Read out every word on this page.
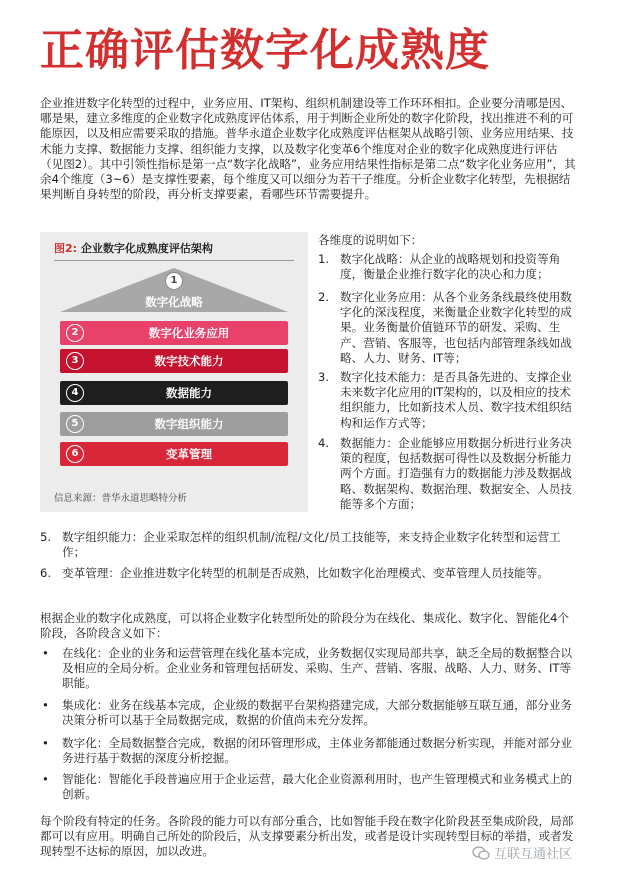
正确评估数字化成熟度
企业推进数字化转型的过程中，业务应用、IT架构、组织机制建设等工作环环相扣。企业要分清哪是因、哪是果，建立多维度的企业数字化成熟度评估体系，用于判断企业所处的数字化阶段，找出推进不利的可能原因，以及相应需要采取的措施。普华永道企业数字化成熟度评估框架从战略引领、业务应用结果、技术能力支撑、数据能力支撑、组织能力支撑，以及数字化变革6个维度对企业的数字化成熟度进行评估（见图2）。其中引领性指标是第一点“数字化战略”，业务应用结果性指标是第二点“数字化业务应用”，其余4个维度（3~6）是支撑性要素，每个维度又可以细分为若干子维度。分析企业数字化转型，先根据结果判断自身转型的阶段，再分析支撑要素，看哪些环节需要提升。
图2: 企业数字化成熟度评估架构
1
数字化战略
2	数字化业务应用
3	数字技术能力
4	数据能力
5	数字组织能力
6	变革管理
信息来源：普华永道思略特分析
各维度的说明如下：
1. 数字化战略：从企业的战略规划和投资等角度，衡量企业推行数字化的决心和力度；
2. 数字化业务应用：从各个业务条线最终使用数字化的深浅程度，来衡量企业数字化转型的成果。业务衡量价值链环节的研发、采购、生产、营销、客服等，也包括内部管理条线如战略、人力、财务、IT等；
3. 数字化技术能力：是否具备先进的、支撑企业未来数字化应用的IT架构的，以及相应的技术组织能力，比如新技术人员、数字技术组织结构和运作方式等；
4. 数据能力：企业能够应用数据分析进行业务决策的程度，包括数据可得性以及数据分析能力两个方面。打造强有力的数据能力涉及数据战略、数据架构、数据治理、数据安全、人员技能等多个方面；
5. 数字组织能力：企业采取怎样的组织机制/流程/文化/员工技能等，来支持企业数字化转型和运营工作；
6. 变革管理：企业推进数字化转型的机制是否成熟，比如数字化治理模式、变革管理人员技能等。
根据企业的数字化成熟度，可以将企业数字化转型所处的阶段分为在线化、集成化、数字化、智能化4个阶段，各阶段含义如下：
•	在线化：企业的业务和运营管理在线化基本完成，业务数据仅实现局部共享，缺乏全局的数据整合以及相应的全局分析。企业业务和管理包括研发、采购、生产、营销、客服、战略、人力、财务、IT等职能。
•	集成化：业务在线基本完成，企业级的数据平台架构搭建完成，大部分数据能够互联互通，部分业务决策分析可以基于全局数据完成，数据的价值尚未充分发挥。
•	数字化：全局数据整合完成，数据的闭环管理形成，主体业务都能通过数据分析实现，并能对部分业务进行基于数据的深度分析挖掘。
•	智能化：智能化手段普遍应用于企业运营，最大化企业资源利用时，也产生管理模式和业务模式上的创新。
每个阶段有特定的任务。各阶段的能力可以有部分重合，比如智能手段在数字化阶段甚至集成阶段，局部都可以有应用。明确自己所处的阶段后，从支撑要素分析出发，或者是设计实现转型目标的举措，或者发现转型不达标的原因，加以改进。	互联互通社区
